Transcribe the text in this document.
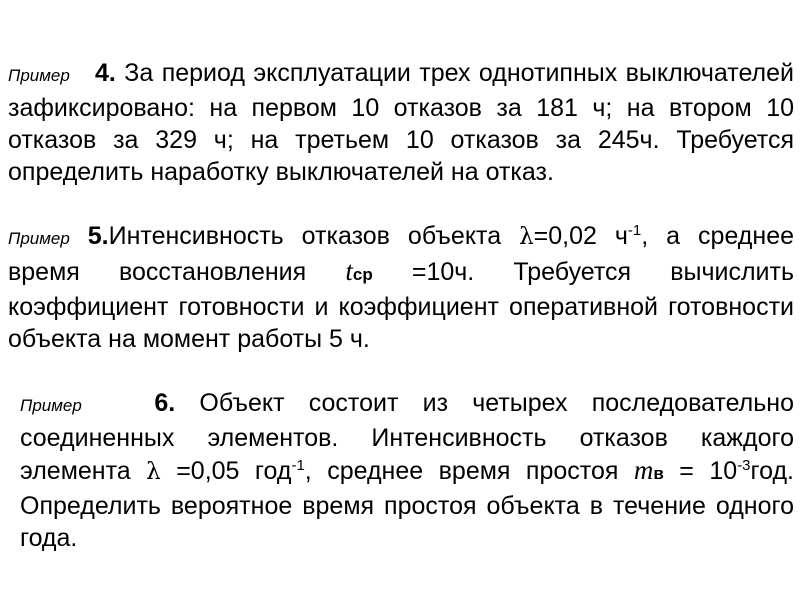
Пример 4. За период эксплуатации трех однотипных выключателей зафиксировано: на первом 10 отказов за 181 ч; на втором 10 отказов за 329 ч; на третьем 10 отказов за 245ч. Требуется определить наработку выключателей на отказ.

Пример 5.Интенсивность отказов объекта λ=0,02 $ч^{-1}$, а среднее время восстановления tср =10ч. Требуется вычислить коэффициент готовности и коэффициент оперативной готовности объекта на момент работы 5 ч.

Пример	6. Объект состоит из четырех последовательно соединенных элементов. Интенсивность отказов каждого элемента λ =0,05 год$^{-1}$, среднее время простоя mв = $10^{-3}год$. Определить вероятное время простоя объекта в течение одного года.
